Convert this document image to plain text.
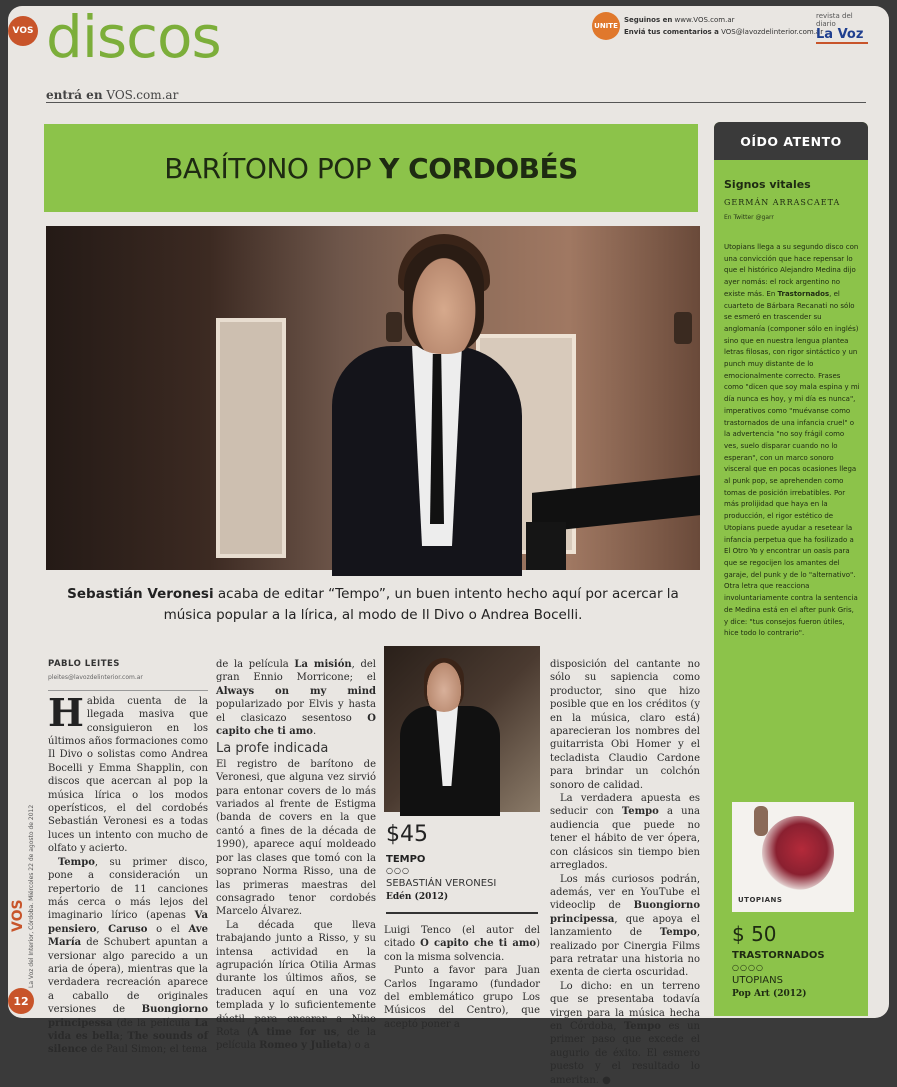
VOS discos
entrá en VOS.com.ar
UNITE
Seguinos en www.VOS.com.ar
Enviá tus comentarios a VOS@lavozdelinterior.com.ar
revista del diario
La Voz
BARÍTONO POP Y CORDOBÉS
Sebastián Veronesi acaba de editar “Tempo”, un buen intento hecho aquí por acercar la música popular a la lírica, al modo de Il Divo o Andrea Bocelli.
PABLO LEITES
pleites@lavozdelinterior.com.ar

Habida cuenta de la llegada masiva que consiguieron en los últimos años formaciones como Il Divo o solistas como Andrea Bocelli y Emma Shapplin, con discos que acercan al pop la música lírica o los modos operísticos, el del cordobés Sebastián Veronesi es a todas luces un intento con mucho de olfato y acierto.

Tempo, su primer disco, pone a consideración un repertorio de 11 canciones más cerca o más lejos del imaginario lírico (apenas Va pensiero, Caruso o el Ave María de Schubert apuntan a versionar algo parecido a un aria de ópera), mientras que la verdadera recreación aparece a caballo de originales versiones de Buongiorno principessa (de la película La vida es bella; The sounds of silence de Paul Simon; el tema

de la película La misión, del gran Ennio Morricone; el Always on my mind popularizado por Elvis y hasta el clasicazo sesentoso O capito che ti amo.

La profe indicada

El registro de barítono de Veronesi, que alguna vez sirvió para entonar covers de lo más variados al frente de Estigma (banda de covers en la que cantó a fines de la década de 1990), aparece aquí moldeado por las clases que tomó con la soprano Norma Risso, una de las primeras maestras del consagrado tenor cordobés Marcelo Álvarez.

La década que lleva trabajando junto a Risso, y su intensa actividad en la agrupación lírica Otilia Armas durante los últimos años, se traducen aquí en una voz templada y lo suficientemente dúctil para encarar a Nino Rota (A time for us, de la película Romeo y Julieta) o a

$45
TEMPO
○○○
SEBASTIÁN VERONESI
Edén (2012)

Luigi Tenco (el autor del citado O capito che ti amo) con la misma solvencia.

Punto a favor para Juan Carlos Ingaramo (fundador del emblemático grupo Los Músicos del Centro), que aceptó poner a

disposición del cantante no sólo su sapiencia como productor, sino que hizo posible que en los créditos (y en la música, claro está) aparecieran los nombres del guitarrista Obi Homer y el tecladista Claudio Cardone para brindar un colchón sonoro de calidad.

La verdadera apuesta es seducir con Tempo a una audiencia que puede no tener el hábito de ver ópera, con clásicos sin tiempo bien arreglados.

Los más curiosos podrán, además, ver en YouTube el videoclip de Buongiorno principessa, que apoya el lanzamiento de Tempo, realizado por Cinergia Films para retratar una historia no exenta de cierta oscuridad.

Lo dicho: en un terreno que se presentaba todavía virgen para la música hecha en Córdoba, Tempo es un primer paso que excede el augurio de éxito. El esmero puesto y el resultado lo ameritan. ●

OÍDO ATENTO
Signos vitales
GERMÁN ARRASCAETA
En Twitter @garr
Utopians llega a su segundo disco con una convicción que hace repensar lo que el histórico Alejandro Medina dijo ayer nomás: el rock argentino no existe más. En Trastornados, el cuarteto de Bárbara Recanati no sólo se esmeró en trascender su anglomanía (componer sólo en inglés) sino que en nuestra lengua plantea letras filosas, con rigor sintáctico y un punch muy distante de lo emocionalmente correcto. Frases como "dicen que soy mala espina y mi día nunca es hoy, y mi día es nunca", imperativos como "muévanse como trastornados de una infancia cruel" o la advertencia "no soy frágil como ves, suelo disparar cuando no lo esperan", con un marco sonoro visceral que en pocas ocasiones llega al punk pop, se aprehenden como tomas de posición irrebatibles. Por más prolijidad que haya en la producción, el rigor estético de Utopians puede ayudar a resetear la infancia perpetua que ha fosilizado a El Otro Yo y encontrar un oasis para que se regocijen los amantes del garaje, del punk y de lo "alternativo". Otra letra que reacciona involuntariamente contra la sentencia de Medina está en el after punk Gris, y dice: "tus consejos fueron útiles, hice todo lo contrario".
UTOPIANS
$ 50
TRASTORNADOS
○○○○
UTOPIANS
Pop Art (2012)
VOS La Voz del Interior, Córdoba. Miércoles 22 de agosto de 2012
12
